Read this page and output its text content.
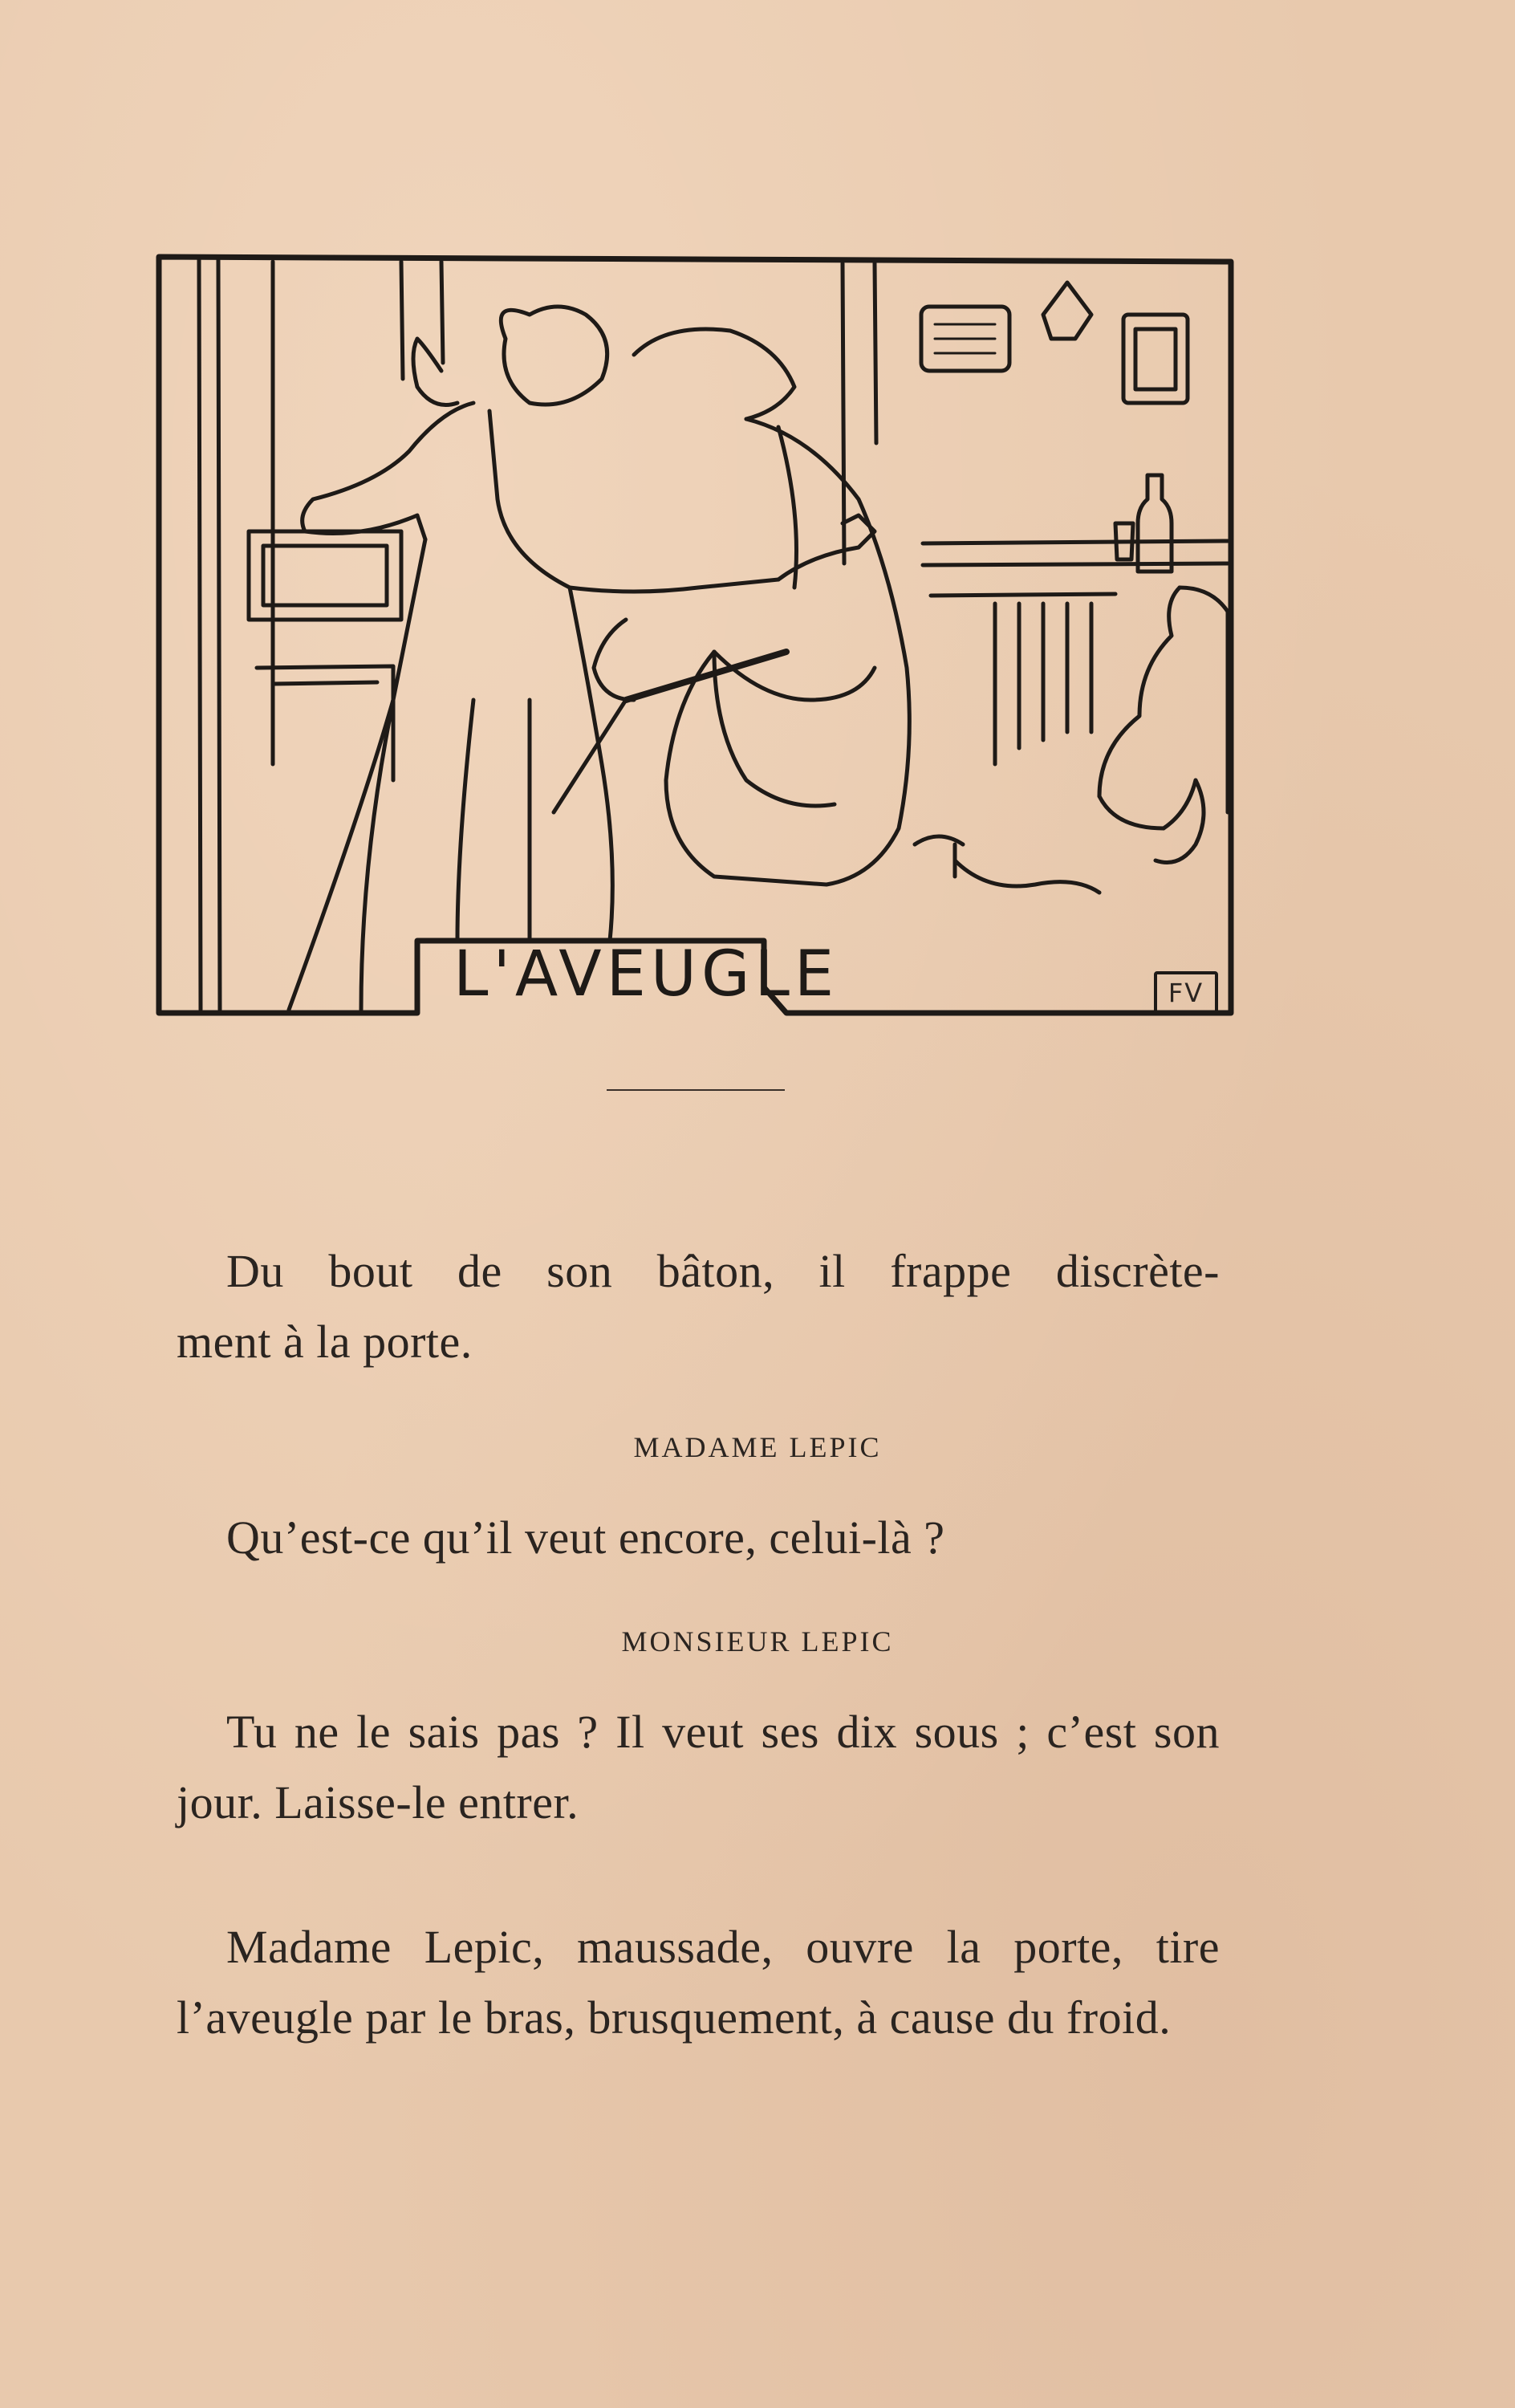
L'AVEUGLE	FV

Du bout de son bâton, il frappe discrète-
ment à la porte.

MADAME LEPIC

Qu’est-ce qu’il veut encore, celui-là ?

MONSIEUR LEPIC

Tu ne le sais pas ? Il veut ses dix sous ; c’est son jour. Laisse-le entrer.

Madame Lepic, maussade, ouvre la porte, tire l’aveugle par le bras, brusquement, à cause du froid.
